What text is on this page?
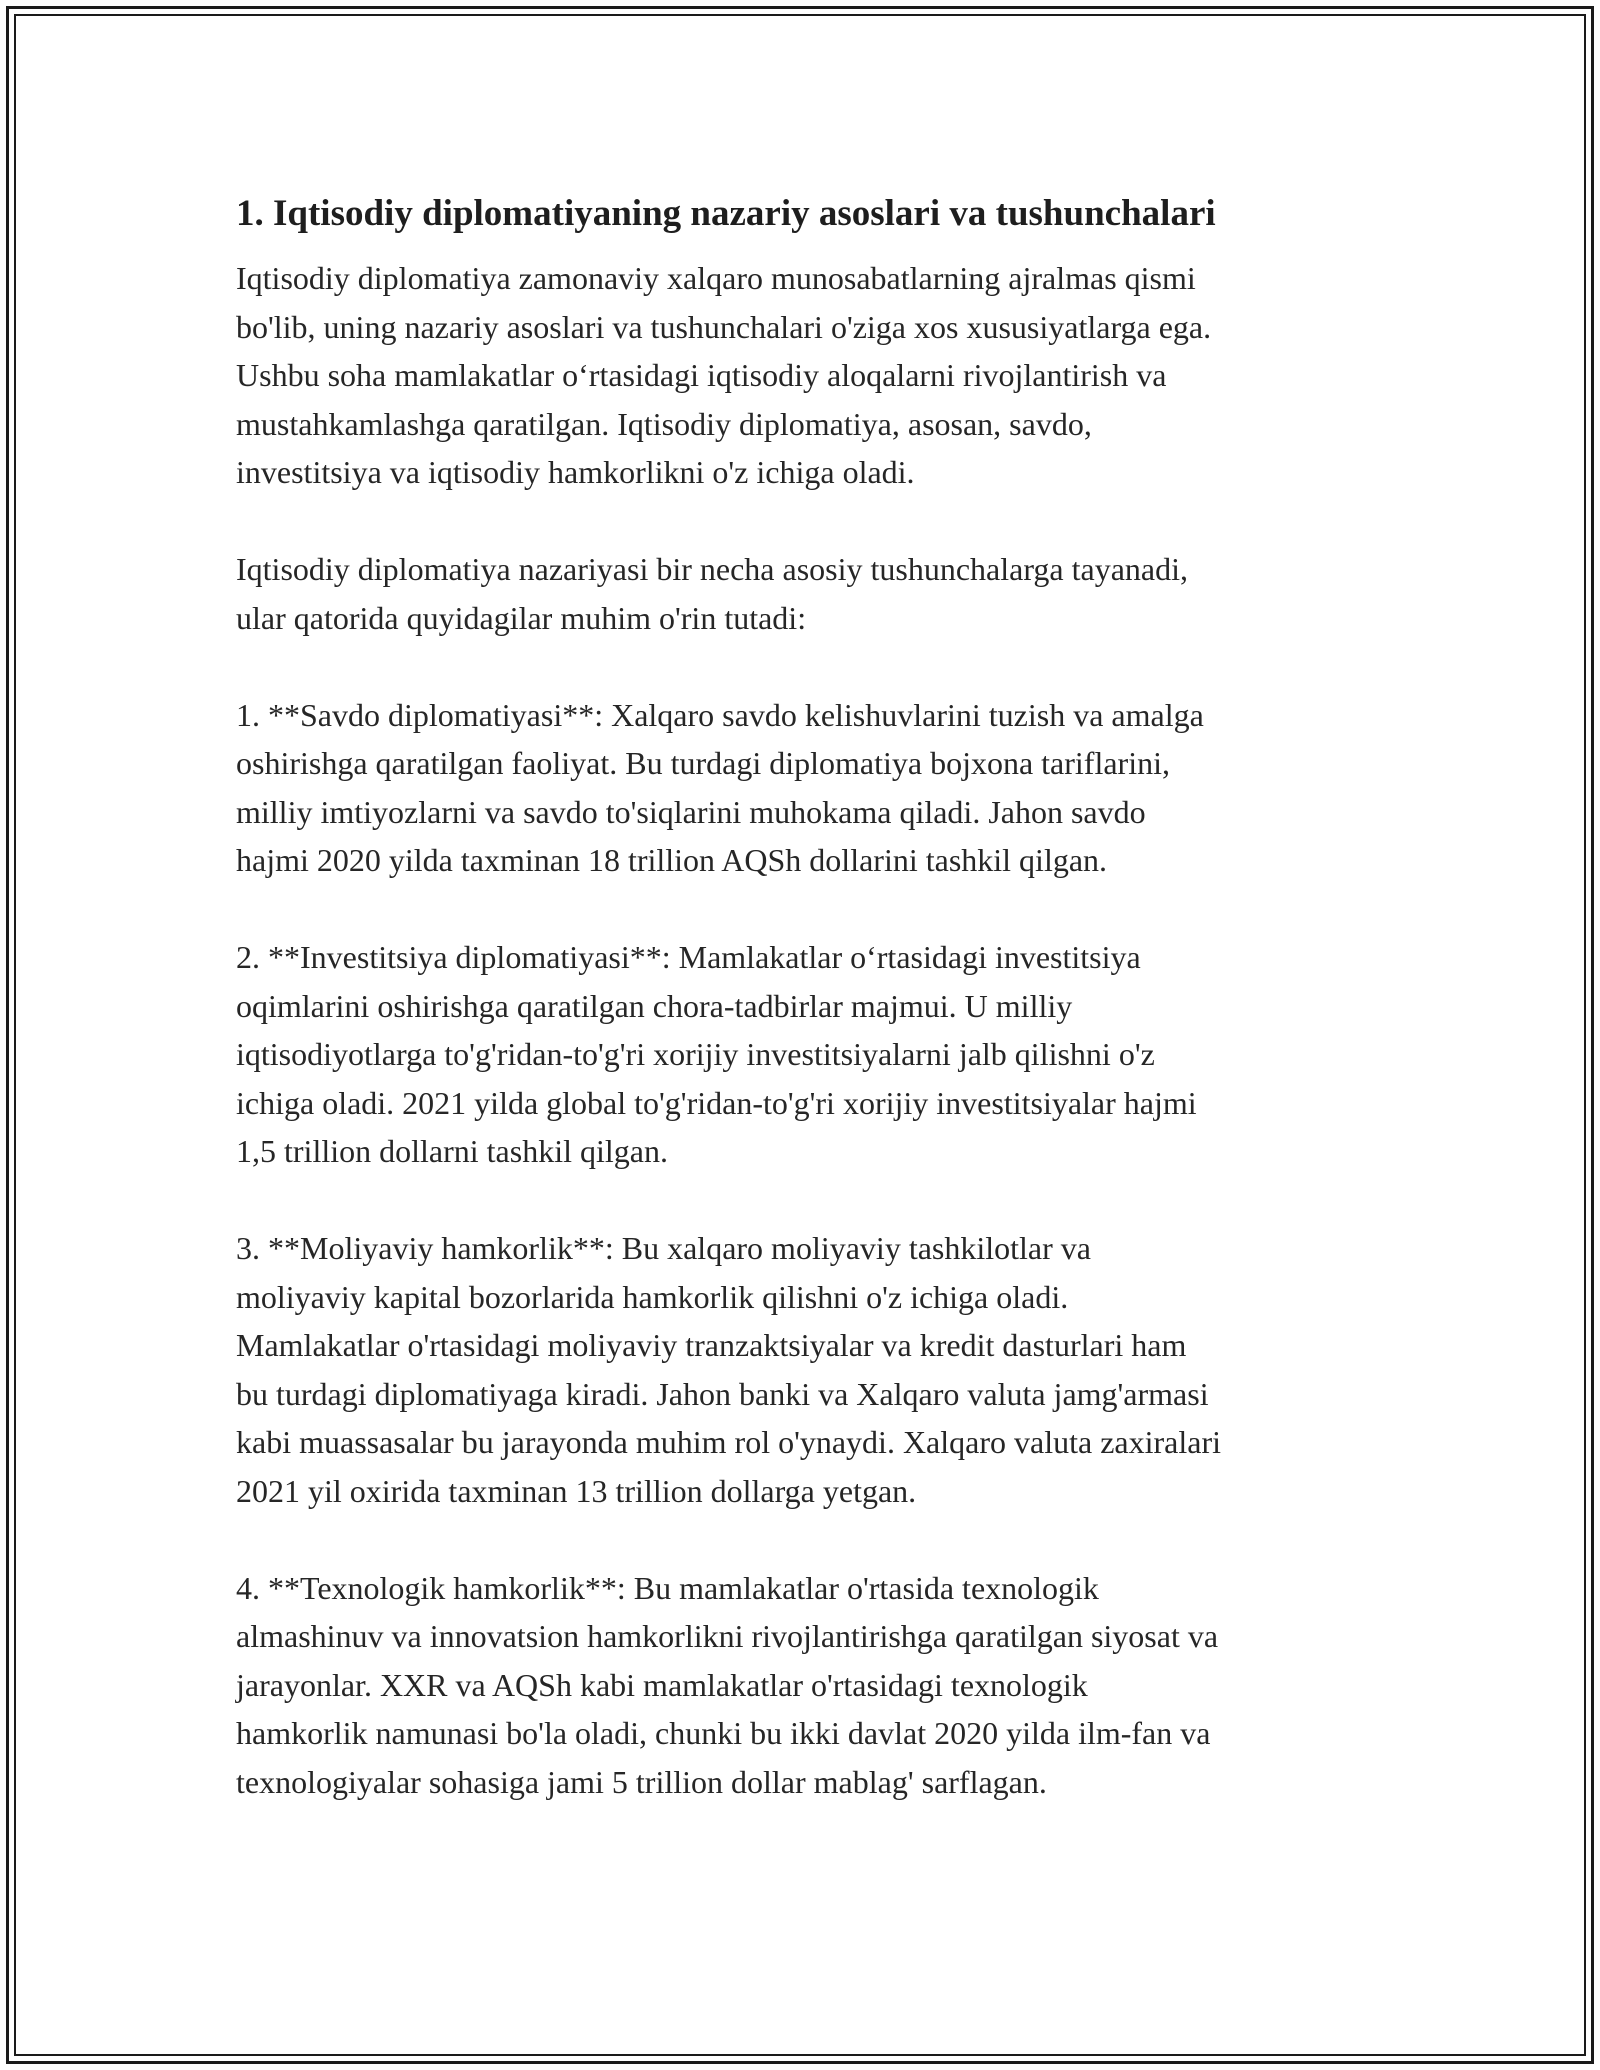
1. Iqtisodiy diplomatiyaning nazariy asoslari va tushunchalari
Iqtisodiy diplomatiya zamonaviy xalqaro munosabatlarning ajralmas qismi
bo'lib, uning nazariy asoslari va tushunchalari o'ziga xos xususiyatlarga ega.
Ushbu soha mamlakatlar o‘rtasidagi iqtisodiy aloqalarni rivojlantirish va
mustahkamlashga qaratilgan. Iqtisodiy diplomatiya, asosan, savdo,
investitsiya va iqtisodiy hamkorlikni o'z ichiga oladi.
Iqtisodiy diplomatiya nazariyasi bir necha asosiy tushunchalarga tayanadi,
ular qatorida quyidagilar muhim o'rin tutadi:
1. **Savdo diplomatiyasi**: Xalqaro savdo kelishuvlarini tuzish va amalga
oshirishga qaratilgan faoliyat. Bu turdagi diplomatiya bojxona tariflarini,
milliy imtiyozlarni va savdo to'siqlarini muhokama qiladi. Jahon savdo
hajmi 2020 yilda taxminan 18 trillion AQSh dollarini tashkil qilgan.
2. **Investitsiya diplomatiyasi**: Mamlakatlar o‘rtasidagi investitsiya
oqimlarini oshirishga qaratilgan chora-tadbirlar majmui. U milliy
iqtisodiyotlarga to'g'ridan-to'g'ri xorijiy investitsiyalarni jalb qilishni o'z
ichiga oladi. 2021 yilda global to'g'ridan-to'g'ri xorijiy investitsiyalar hajmi
1,5 trillion dollarni tashkil qilgan.
3. **Moliyaviy hamkorlik**: Bu xalqaro moliyaviy tashkilotlar va
moliyaviy kapital bozorlarida hamkorlik qilishni o'z ichiga oladi.
Mamlakatlar o'rtasidagi moliyaviy tranzaktsiyalar va kredit dasturlari ham
bu turdagi diplomatiyaga kiradi. Jahon banki va Xalqaro valuta jamg'armasi
kabi muassasalar bu jarayonda muhim rol o'ynaydi. Xalqaro valuta zaxiralari
2021 yil oxirida taxminan 13 trillion dollarga yetgan.
4. **Texnologik hamkorlik**: Bu mamlakatlar o'rtasida texnologik
almashinuv va innovatsion hamkorlikni rivojlantirishga qaratilgan siyosat va
jarayonlar. XXR va AQSh kabi mamlakatlar o'rtasidagi texnologik
hamkorlik namunasi bo'la oladi, chunki bu ikki davlat 2020 yilda ilm-fan va
texnologiyalar sohasiga jami 5 trillion dollar mablag' sarflagan.
